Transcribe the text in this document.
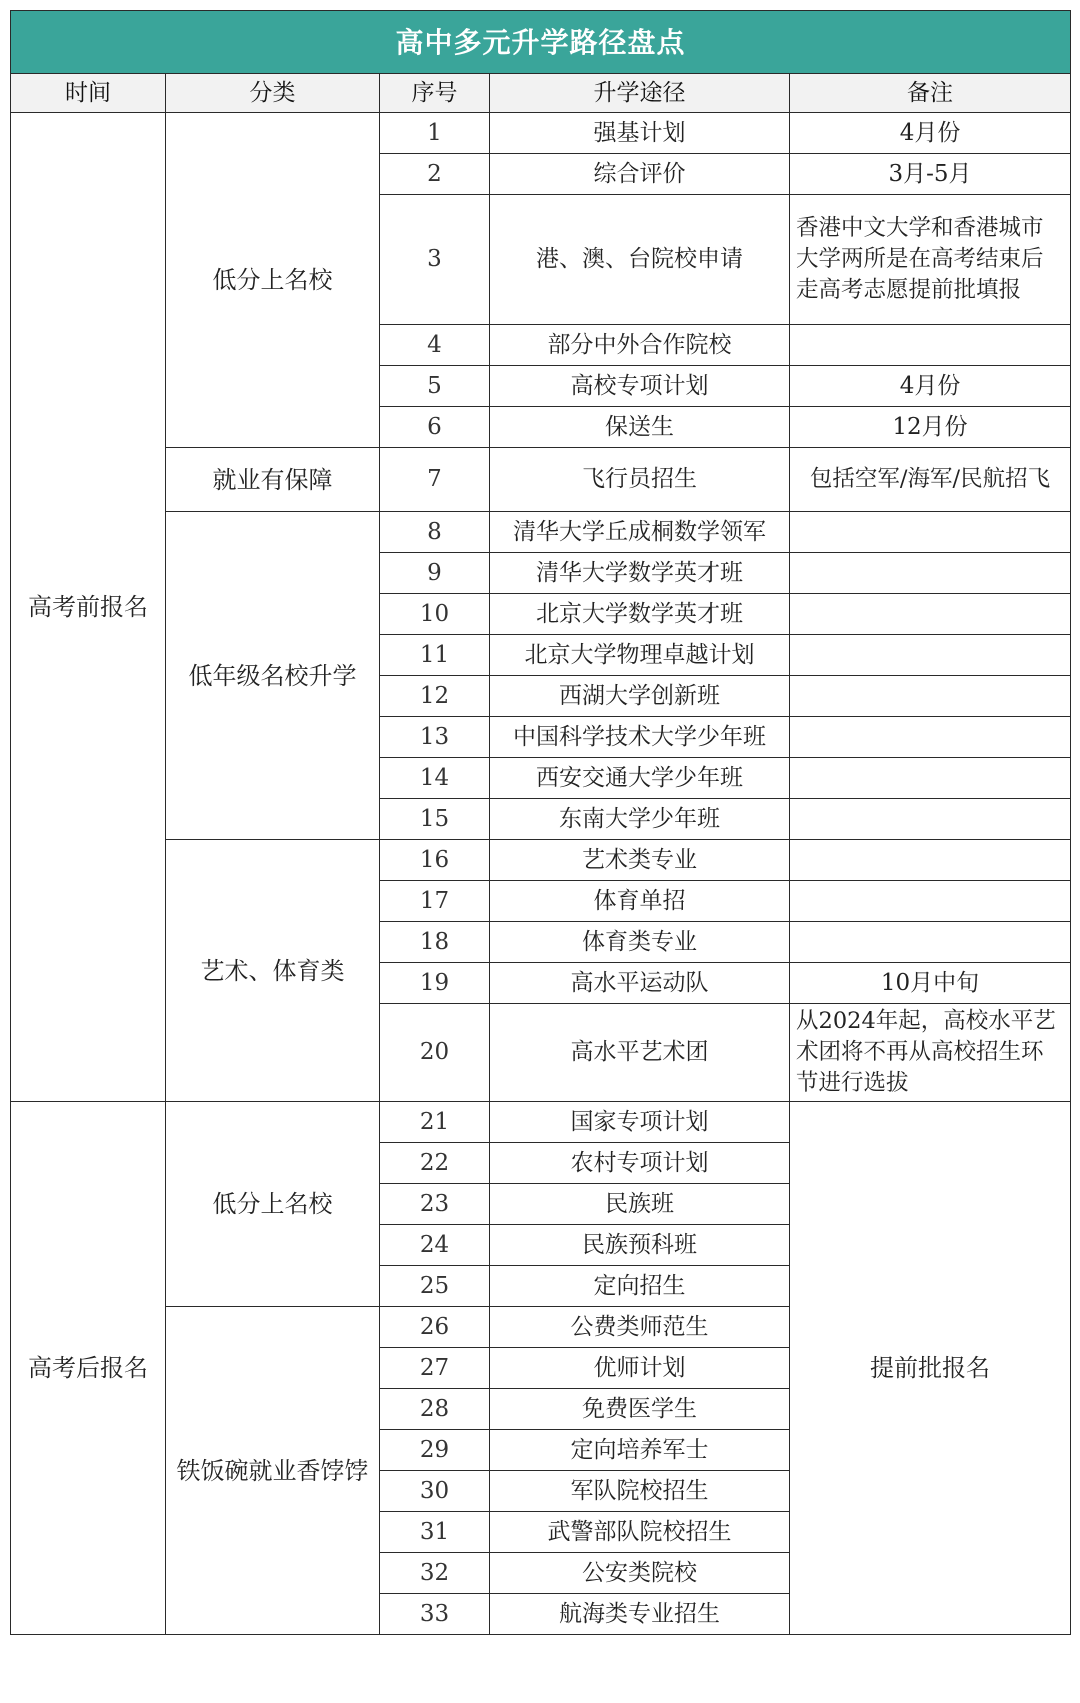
高中多元升学路径盘点				
时间	分类	序号	升学途径	备注
高考前报名	低分上名校	1	强基计划	4月份
		2	综合评价	3月-5月
		3	港、澳、台院校申请	香港中文大学和香港城市大学两所是在高考结束后走高考志愿提前批填报
		4	部分中外合作院校	
		5	高校专项计划	4月份
		6	保送生	12月份
	就业有保障	7	飞行员招生	包括空军/海军/民航招飞
	低年级名校升学	8	清华大学丘成桐数学领军	
		9	清华大学数学英才班	
		10	北京大学数学英才班	
		11	北京大学物理卓越计划	
		12	西湖大学创新班	
		13	中国科学技术大学少年班	
		14	西安交通大学少年班	
		15	东南大学少年班	
	艺术、体育类	16	艺术类专业	
		17	体育单招	
		18	体育类专业	
		19	高水平运动队	10月中旬
		20	高水平艺术团	从2024年起，高校水平艺术团将不再从高校招生环节进行选拔
高考后报名	低分上名校	21	国家专项计划	提前批报名
		22	农村专项计划	
		23	民族班	
		24	民族预科班	
		25	定向招生	
	铁饭碗就业香饽饽	26	公费类师范生	
		27	优师计划	
		28	免费医学生	
		29	定向培养军士	
		30	军队院校招生	
		31	武警部队院校招生	
		32	公安类院校	
		33	航海类专业招生	
